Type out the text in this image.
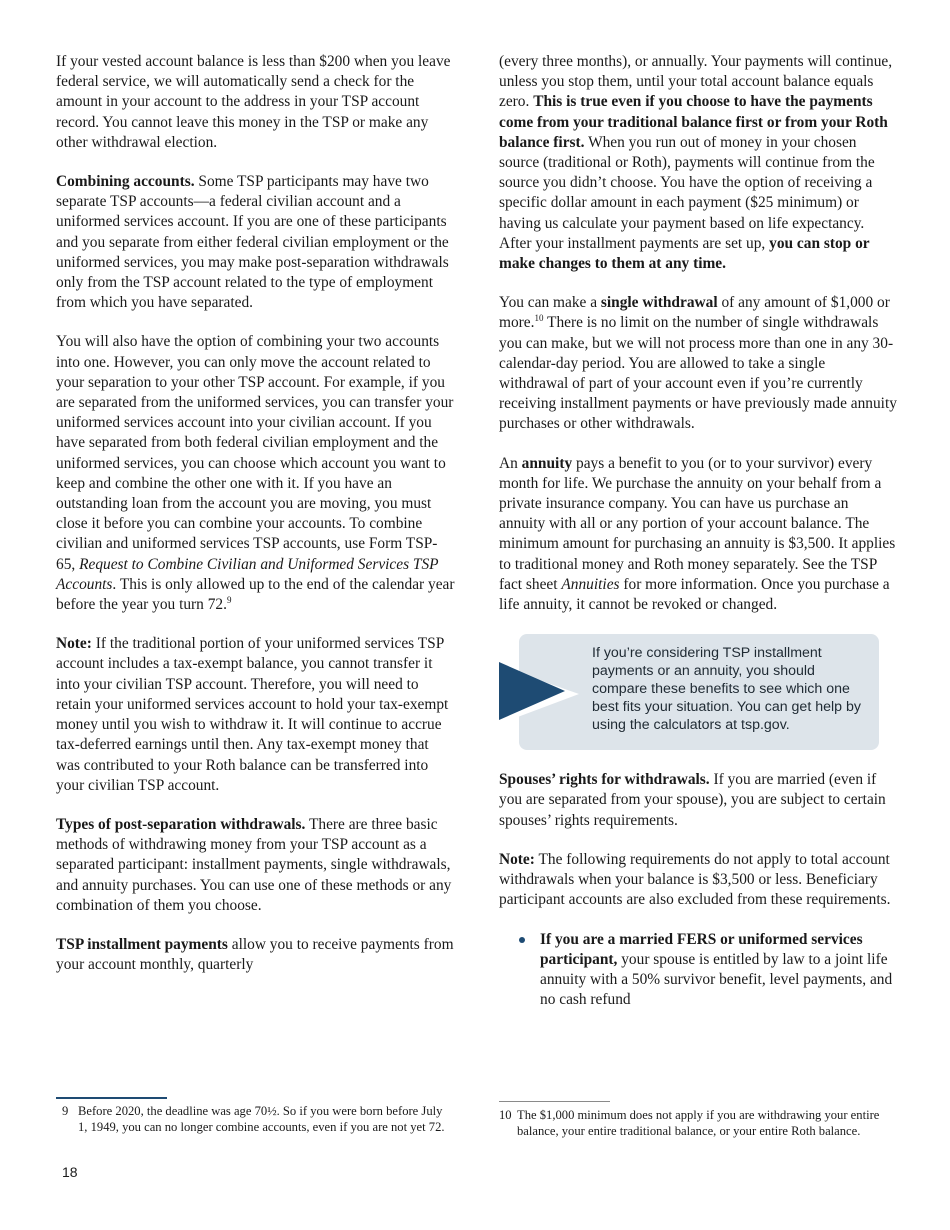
If your vested account balance is less than $200 when you leave federal service, we will automatically send a check for the amount in your account to the address in your TSP account record. You cannot leave this money in the TSP or make any other withdrawal election.

Combining accounts. Some TSP participants may have two separate TSP accounts—a federal civilian account and a uniformed services account. If you are one of these participants and you separate from either federal civilian employment or the uniformed services, you may make post-separation withdrawals only from the TSP account related to the type of employment from which you have separated.

You will also have the option of combining your two accounts into one. However, you can only move the account related to your separation to your other TSP account. For example, if you are separated from the uniformed services, you can transfer your uniformed services account into your civilian account. If you have separated from both federal civilian employment and the uniformed services, you can choose which account you want to keep and combine the other one with it. If you have an outstanding loan from the account you are moving, you must close it before you can combine your accounts. To combine civilian and uniformed services TSP accounts, use Form TSP-65, Request to Combine Civilian and Uniformed Services TSP Accounts. This is only allowed up to the end of the calendar year before the year you turn 72.$^9$

Note: If the traditional portion of your uniformed services TSP account includes a tax-exempt balance, you cannot transfer it into your civilian TSP account. Therefore, you will need to retain your uniformed services account to hold your tax-exempt money until you wish to withdraw it. It will continue to accrue tax-deferred earnings until then. Any tax-exempt money that was contributed to your Roth balance can be transferred into your civilian TSP account.

Types of post-separation withdrawals. There are three basic methods of withdrawing money from your TSP account as a separated participant: installment payments, single withdrawals, and annuity purchases. You can use one of these methods or any combination of them you choose.

TSP installment payments allow you to receive payments from your account monthly, quarterly

(every three months), or annually. Your payments will continue, unless you stop them, until your total account balance equals zero. This is true even if you choose to have the payments come from your traditional balance first or from your Roth balance first. When you run out of money in your chosen source (traditional or Roth), payments will continue from the source you didn’t choose. You have the option of receiving a specific dollar amount in each payment ($25 minimum) or having us calculate your payment based on life expectancy. After your installment payments are set up, you can stop or make changes to them at any time.

You can make a single withdrawal of any amount of $1,000 or more.$^{10}$ There is no limit on the number of single withdrawals you can make, but we will not process more than one in any 30-calendar-day period. You are allowed to take a single withdrawal of part of your account even if you’re currently receiving installment payments or have previously made annuity purchases or other withdrawals.

An annuity pays a benefit to you (or to your survivor) every month for life. We purchase the annuity on your behalf from a private insurance company. You can have us purchase an annuity with all or any portion of your account balance. The minimum amount for purchasing an annuity is $3,500. It applies to traditional money and Roth money separately. See the TSP fact sheet Annuities for more information. Once you purchase a life annuity, it cannot be revoked or changed.

If you’re considering TSP installment payments or an annuity, you should compare these benefits to see which one best fits your situation. You can get help by using the calculators at tsp.gov.

Spouses’ rights for withdrawals. If you are married (even if you are separated from your spouse), you are subject to certain spouses’ rights requirements.

Note: The following requirements do not apply to total account withdrawals when your balance is $3,500 or less. Beneficiary participant accounts are also excluded from these requirements.

If you are a married FERS or uniformed services participant, your spouse is entitled by law to a joint life annuity with a 50% survivor benefit, level payments, and no cash refund
9 Before 2020, the deadline was age 70½. So if you were born before July 1, 1949, you can no longer combine accounts, even if you are not yet 72.
10 The $1,000 minimum does not apply if you are withdrawing your entire balance, your entire traditional balance, or your entire Roth balance.
18
